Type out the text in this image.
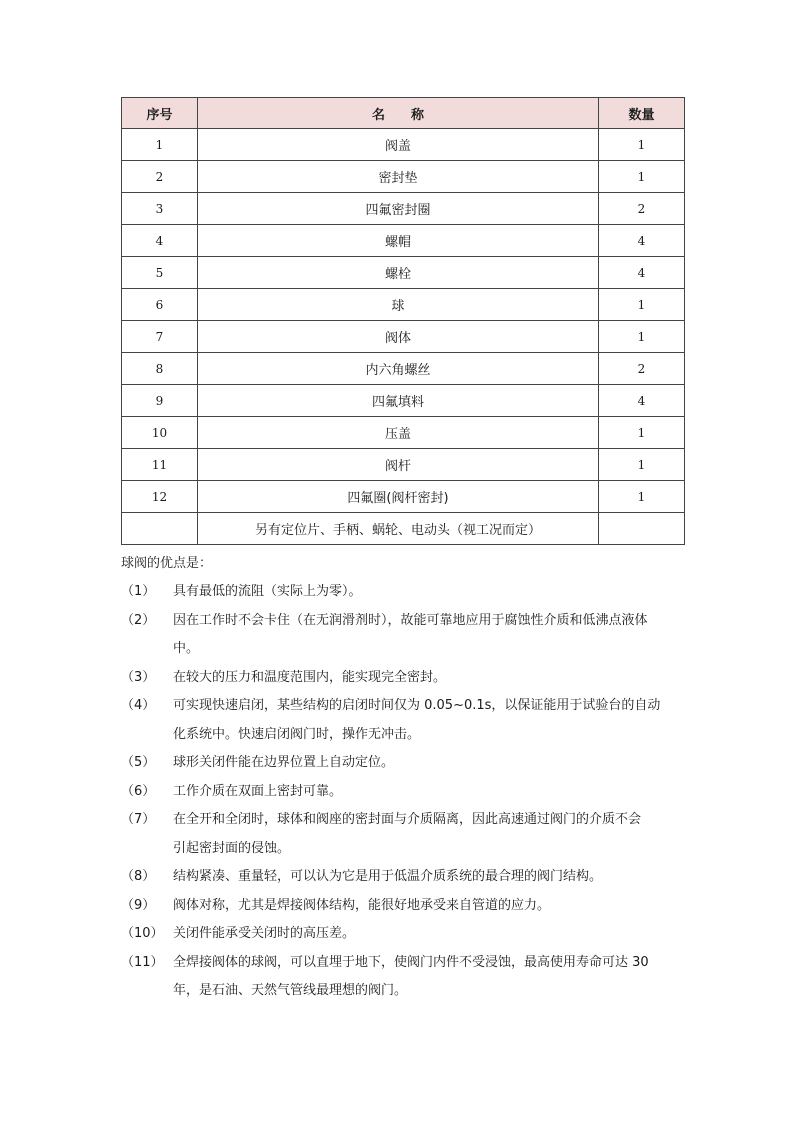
序号	名　　称	数量
1	阀盖	1
2	密封垫	1
3	四氟密封圈	2
4	螺帽	4
5	螺栓	4
6	球	1
7	阀体	1
8	内六角螺丝	2
9	四氟填料	4
10	压盖	1
11	阀杆	1
12	四氟圈(阀杆密封)	1
	另有定位片、手柄、蜗轮、电动头（视工况而定）	
球阀的优点是：
（1）	具有最低的流阻（实际上为零）。
（2）	因在工作时不会卡住（在无润滑剂时），故能可靠地应用于腐蚀性介质和低沸点液体
中。
（3）	在较大的压力和温度范围内，能实现完全密封。
（4）	可实现快速启闭，某些结构的启闭时间仅为 0.05~0.1s，以保证能用于试验台的自动
化系统中。快速启闭阀门时，操作无冲击。
（5）	球形关闭件能在边界位置上自动定位。
（6）	工作介质在双面上密封可靠。
（7）	在全开和全闭时，球体和阀座的密封面与介质隔离，因此高速通过阀门的介质不会
引起密封面的侵蚀。
（8）	结构紧凑、重量轻，可以认为它是用于低温介质系统的最合理的阀门结构。
（9）	阀体对称，尤其是焊接阀体结构，能很好地承受来自管道的应力。
（10） 关闭件能承受关闭时的高压差。
（11） 全焊接阀体的球阀，可以直埋于地下，使阀门内件不受浸蚀，最高使用寿命可达 30
年，是石油、天然气管线最理想的阀门。
